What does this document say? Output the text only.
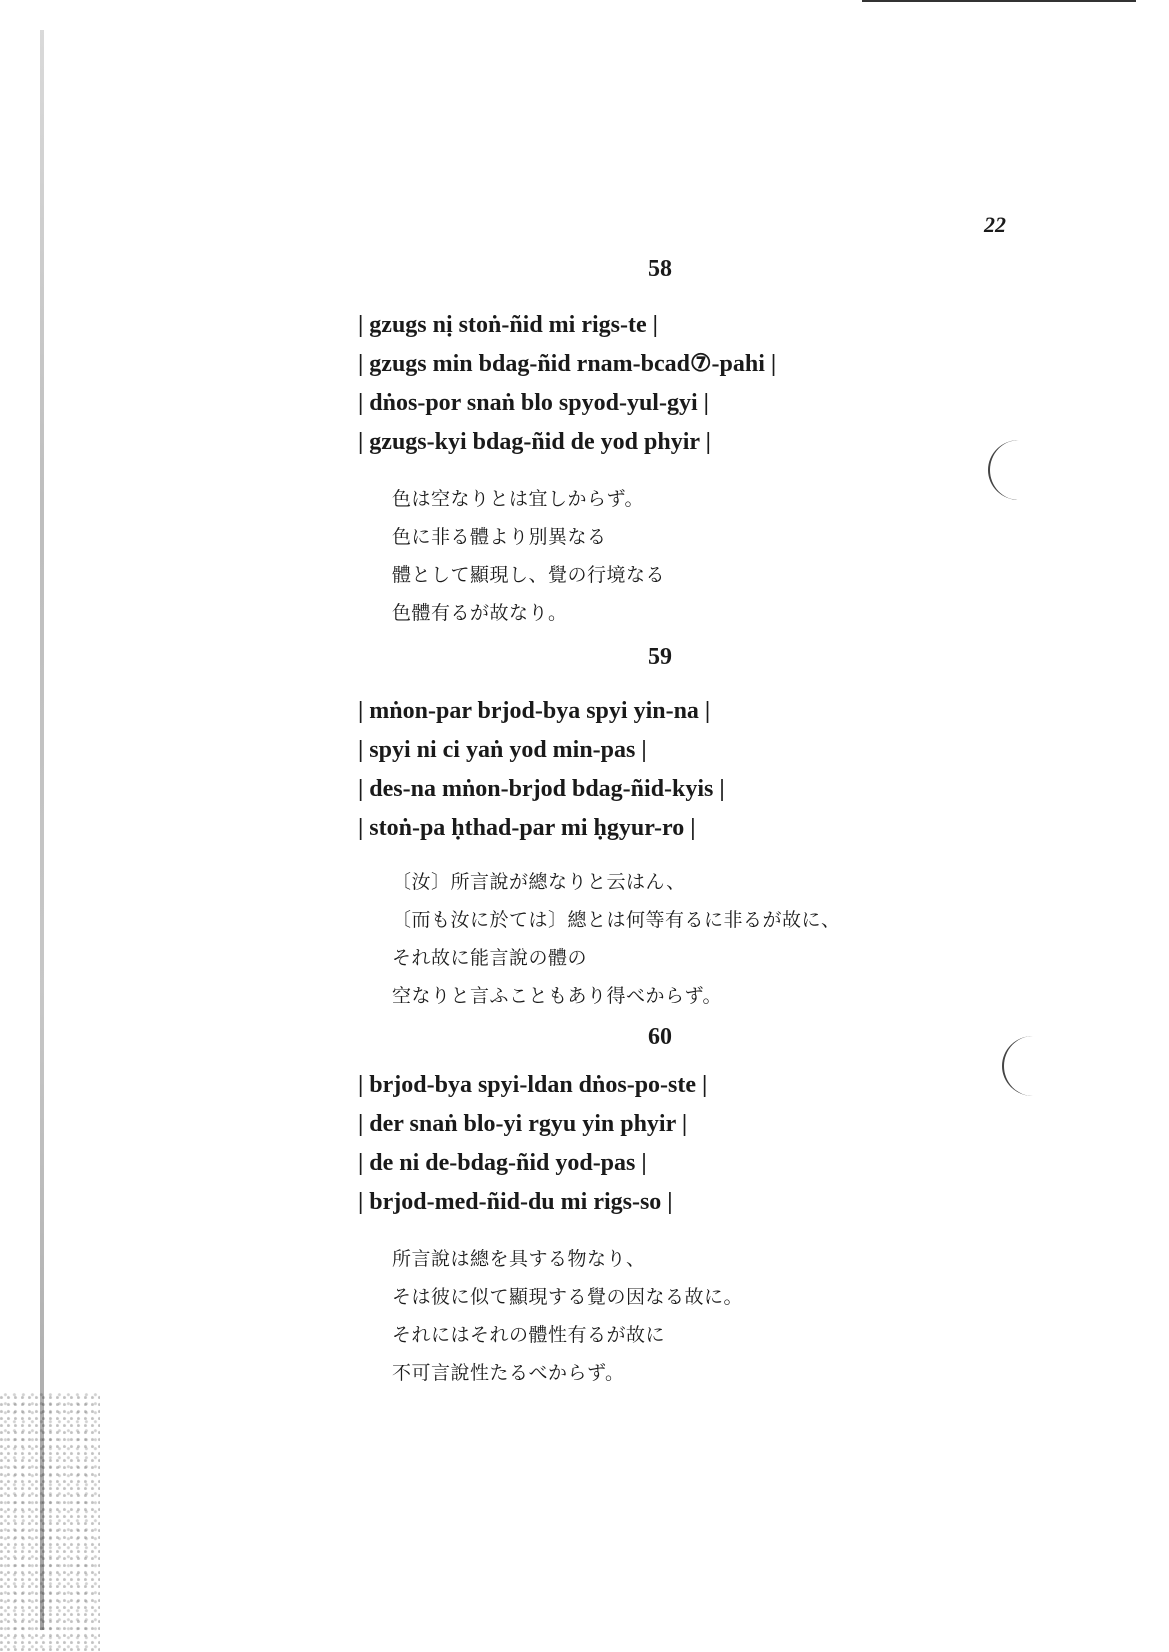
22
58
| gzugs nị stoṅ-ñid mi rigs-te |
| gzugs min bdag-ñid rnam-bcad⑦-pahi |
| dṅos-por snaṅ blo spyod-yul-gyi |
| gzugs-kyi bdag-ñid de yod phyir |
色は空なりとは宜しからず。
色に非る體より別異なる
體として顯現し、覺の行境なる
色體有るが故なり。
59
| mṅon-par brjod-bya spyi yin-na |
| spyi ni ci yaṅ yod min-pas |
| des-na mṅon-brjod bdag-ñid-kyis |
| stoṅ-pa ḥthad-par mi ḥgyur-ro |
〔汝〕所言說が總なりと云はん、
〔而も汝に於ては〕總とは何等有るに非るが故に、
それ故に能言說の體の
空なりと言ふこともあり得べからず。
60
| brjod-bya spyi-ldan dṅos-po-ste |
| der snaṅ blo-yi rgyu yin phyir |
| de ni de-bdag-ñid yod-pas |
| brjod-med-ñid-du mi rigs-so |
所言說は總を具する物なり、
そは彼に似て顯現する覺の因なる故に。
それにはそれの體性有るが故に
不可言說性たるべからず。
